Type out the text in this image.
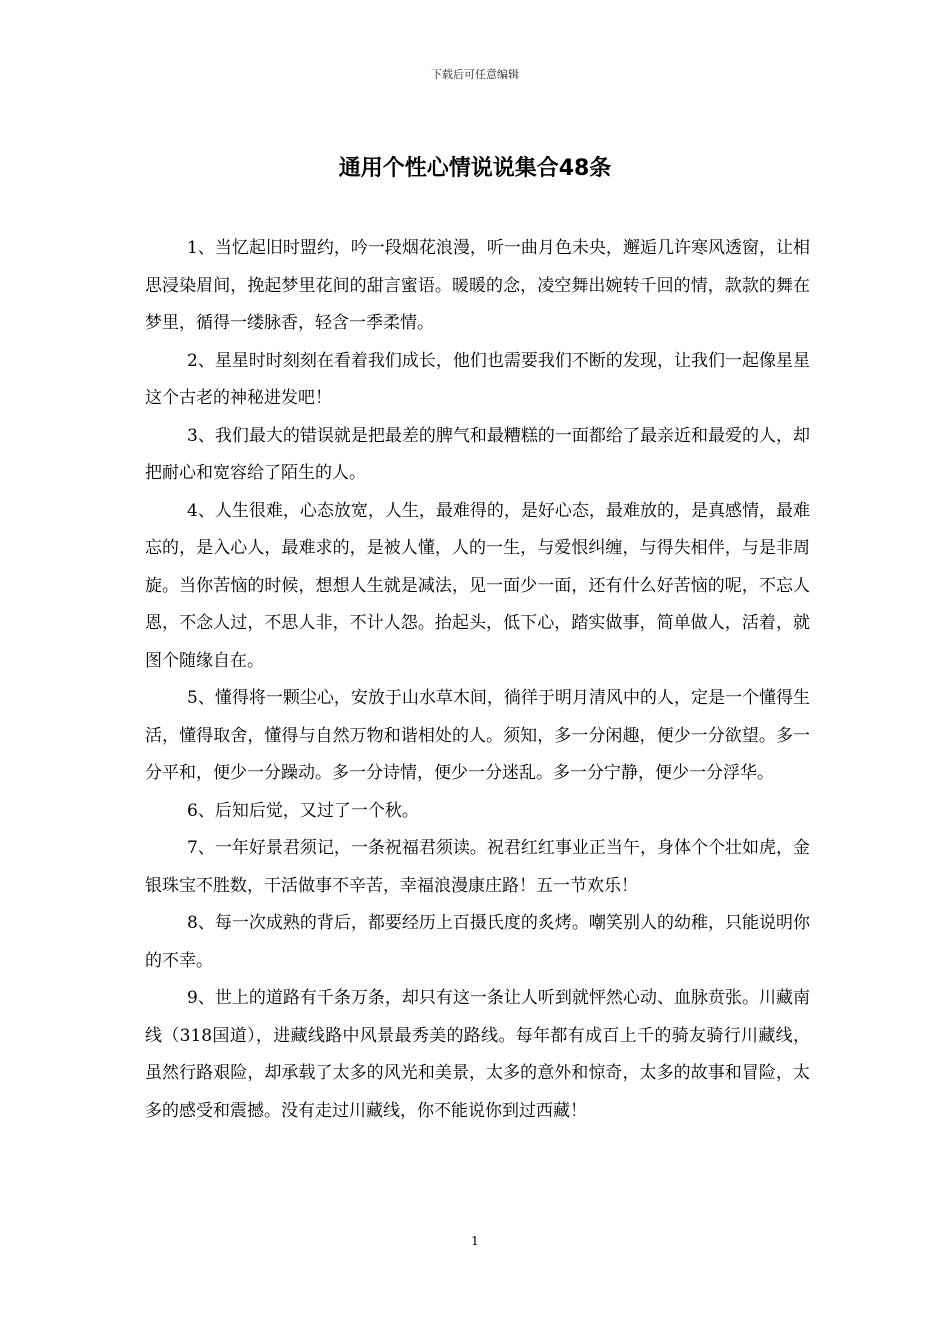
下载后可任意编辑
通用个性心情说说集合48条

1、当忆起旧时盟约，吟一段烟花浪漫，听一曲月色未央，邂逅几许寒风透窗，让相思浸染眉间，挽起梦里花间的甜言蜜语。暖暖的念，凌空舞出婉转千回的情，款款的舞在梦里，循得一缕脉香，轻含一季柔情。

2、星星时时刻刻在看着我们成长，他们也需要我们不断的发现，让我们一起像星星这个古老的神秘进发吧！

3、我们最大的错误就是把最差的脾气和最糟糕的一面都给了最亲近和最爱的人，却把耐心和宽容给了陌生的人。

4、人生很难，心态放宽，人生，最难得的，是好心态，最难放的，是真感情，最难忘的，是入心人，最难求的，是被人懂，人的一生，与爱恨纠缠，与得失相伴，与是非周旋。当你苦恼的时候，想想人生就是减法，见一面少一面，还有什么好苦恼的呢，不忘人恩，不念人过，不思人非，不计人怨。抬起头，低下心，踏实做事，简单做人，活着，就图个随缘自在。

5、懂得将一颗尘心，安放于山水草木间，徜徉于明月清风中的人，定是一个懂得生活，懂得取舍，懂得与自然万物和谐相处的人。须知，多一分闲趣，便少一分欲望。多一分平和，便少一分躁动。多一分诗情，便少一分迷乱。多一分宁静，便少一分浮华。

6、后知后觉，又过了一个秋。

7、一年好景君须记，一条祝福君须读。祝君红红事业正当午，身体个个壮如虎，金银珠宝不胜数，干活做事不辛苦，幸福浪漫康庄路！五一节欢乐！

8、每一次成熟的背后，都要经历上百摄氏度的炙烤。嘲笑别人的幼稚，只能说明你的不幸。

9、世上的道路有千条万条，却只有这一条让人听到就怦然心动、血脉贲张。川藏南线（318国道），进藏线路中风景最秀美的路线。每年都有成百上千的骑友骑行川藏线，虽然行路艰险，却承载了太多的风光和美景，太多的意外和惊奇，太多的故事和冒险，太多的感受和震撼。没有走过川藏线，你不能说你到过西藏！

1
